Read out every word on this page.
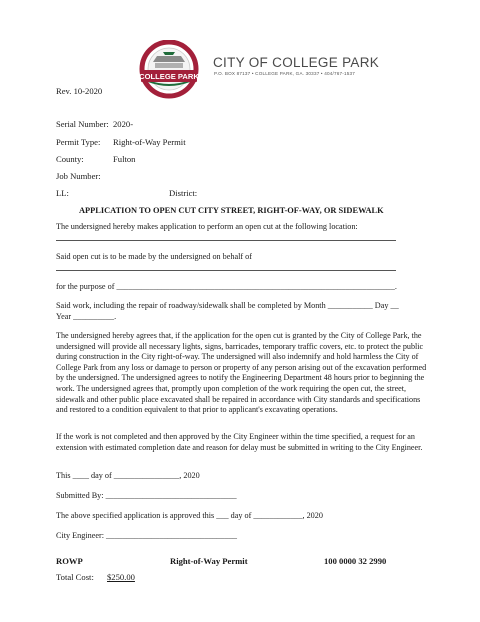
COLLEGE PARK
CITY OF COLLEGE PARK
P.O. BOX 87137 • COLLEGE PARK, GA. 30337 • 404/767-1537
Rev. 10-2020
Serial Number: 2020-
Permit Type: Right-of-Way Permit
County:	Fulton
Job Number:
LL:	District:
APPLICATION TO OPEN CUT CITY STREET, RIGHT-OF-WAY, OR SIDEWALK
The undersigned hereby makes application to perform an open cut at the following location:
Said open cut is to be made by the undersigned on behalf of
for the purpose of ____________________________________________________________________.
Said work, including the repair of roadway/sidewalk shall be completed by Month ___________ Day __
Year __________.
The undersigned hereby agrees that, if the application for the open cut is granted by the City of College Park, the undersigned will provide all necessary lights, signs, barricades, temporary traffic covers, etc. to protect the public during construction in the City right-of-way. The undersigned will also indemnify and hold harmless the City of College Park from any loss or damage to person or property of any person arising out of the excavation performed by the undersigned. The undersigned agrees to notify the Engineering Department 48 hours prior to beginning the work. The undersigned agrees that, promptly upon completion of the work requiring the open cut, the street, sidewalk and other public place excavated shall be repaired in accordance with City standards and specifications and restored to a condition equivalent to that prior to applicant's excavating operations.
If the work is not completed and then approved by the City Engineer within the time specified, a request for an extension with estimated completion date and reason for delay must be submitted in writing to the City Engineer.
This ____ day of ________________, 2020
Submitted By: ________________________________
The above specified application is approved this ___ day of ____________, 2020
City Engineer: ________________________________
ROWP	Right-of-Way Permit	100 0000 32 2990
Total Cost: $250.00
